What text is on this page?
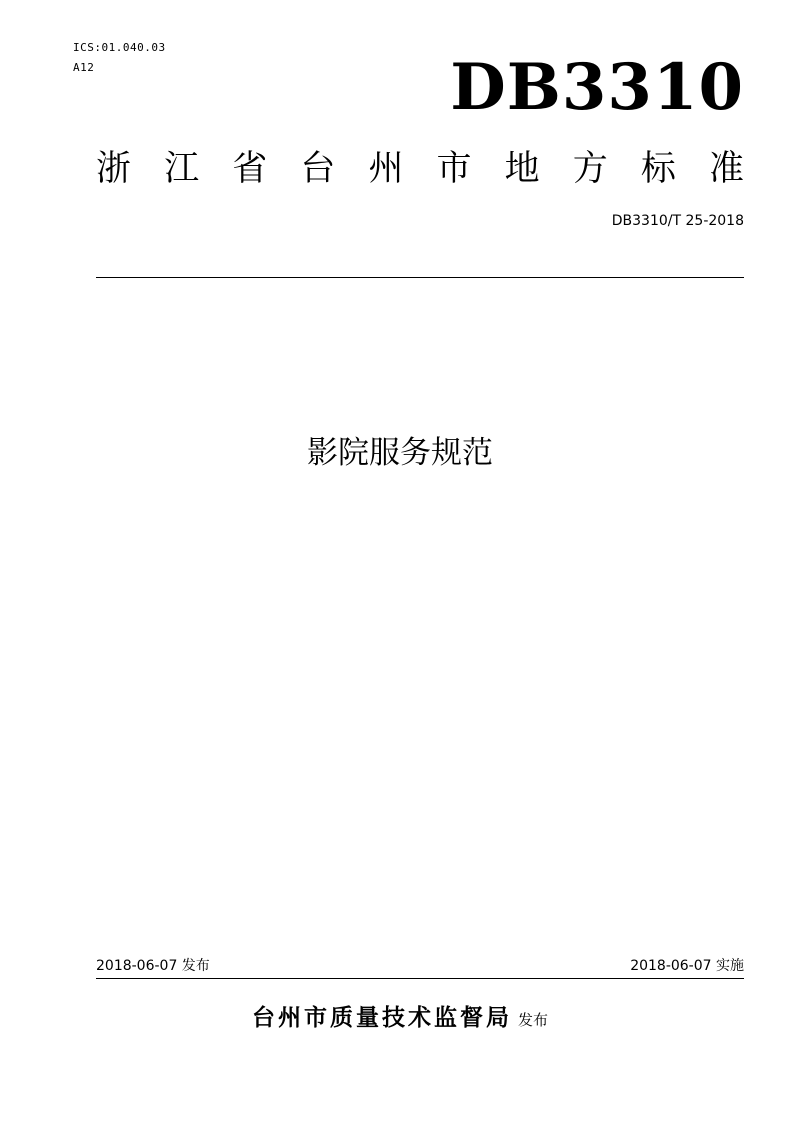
ICS:01.040.03
A12	DB3310
浙 江 省 台 州 市 地 方 标 准
DB3310/T 25-2018
影院服务规范
2018-06-07 发布	2018-06-07 实施
台州市质量技术监督局 发布
